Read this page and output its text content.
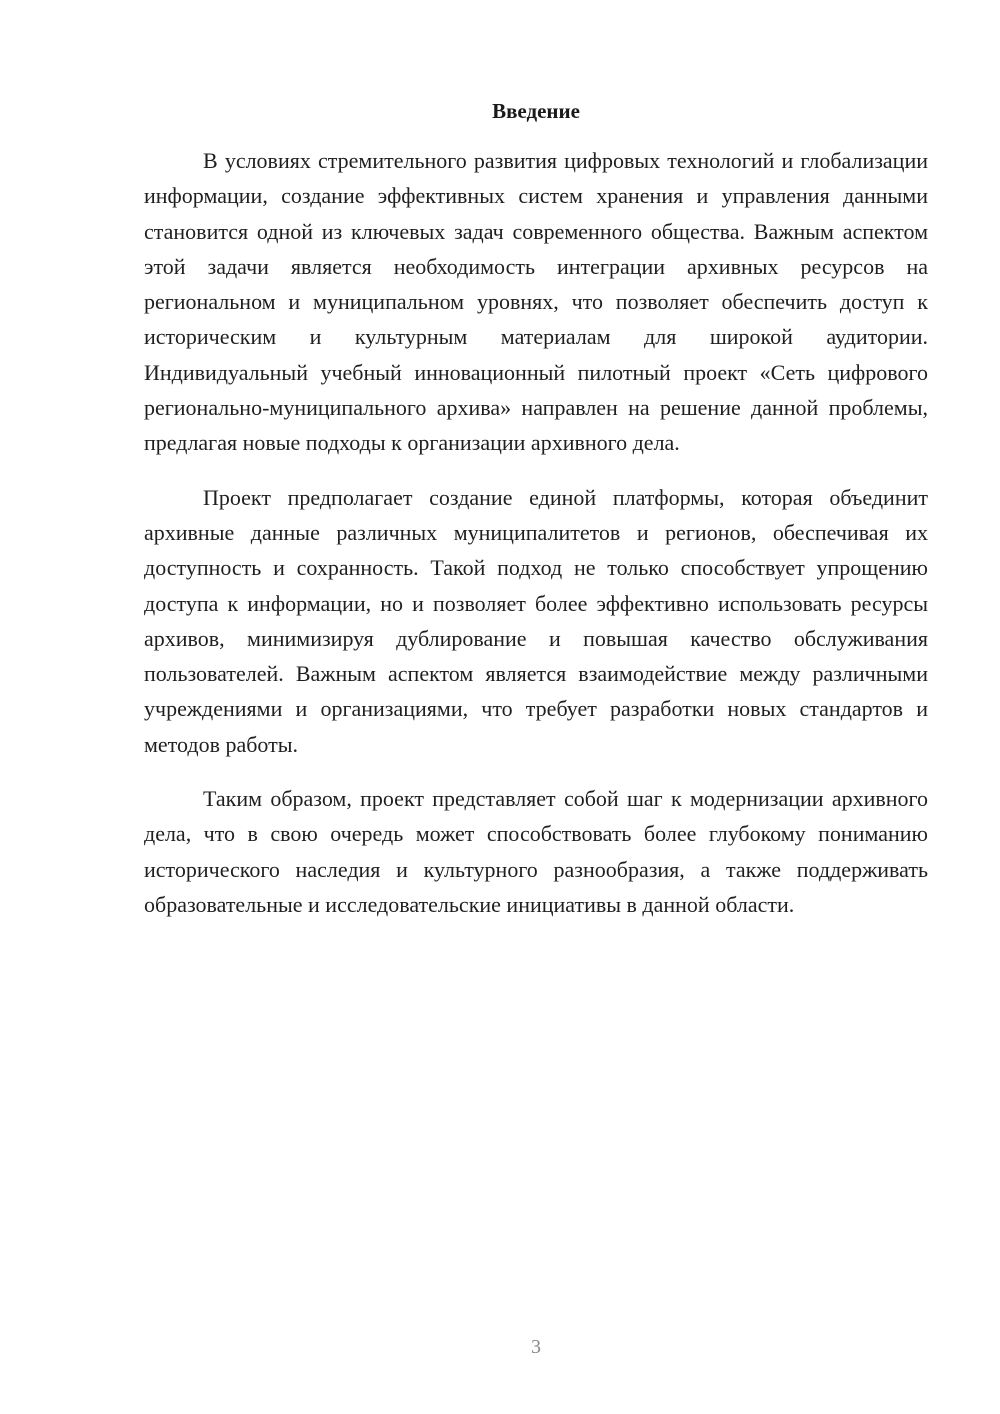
Введение

В условиях стремительного развития цифровых технологий и глобализации информации, создание эффективных систем хранения и управления данными становится одной из ключевых задач современного общества. Важным аспектом этой задачи является необходимость интеграции архивных ресурсов на региональном и муниципальном уровнях, что позволяет обеспечить доступ к историческим и культурным материалам для широкой аудитории. Индивидуальный учебный инновационный пилотный проект «Сеть цифрового регионально-муниципального архива» направлен на решение данной проблемы, предлагая новые подходы к организации архивного дела.

Проект предполагает создание единой платформы, которая объединит архивные данные различных муниципалитетов и регионов, обеспечивая их доступность и сохранность. Такой подход не только способствует упрощению доступа к информации, но и позволяет более эффективно использовать ресурсы архивов, минимизируя дублирование и повышая качество обслуживания пользователей. Важным аспектом является взаимодействие между различными учреждениями и организациями, что требует разработки новых стандартов и методов работы.

Таким образом, проект представляет собой шаг к модернизации архивного дела, что в свою очередь может способствовать более глубокому пониманию исторического наследия и культурного разнообразия, а также поддерживать образовательные и исследовательские инициативы в данной области.

3
